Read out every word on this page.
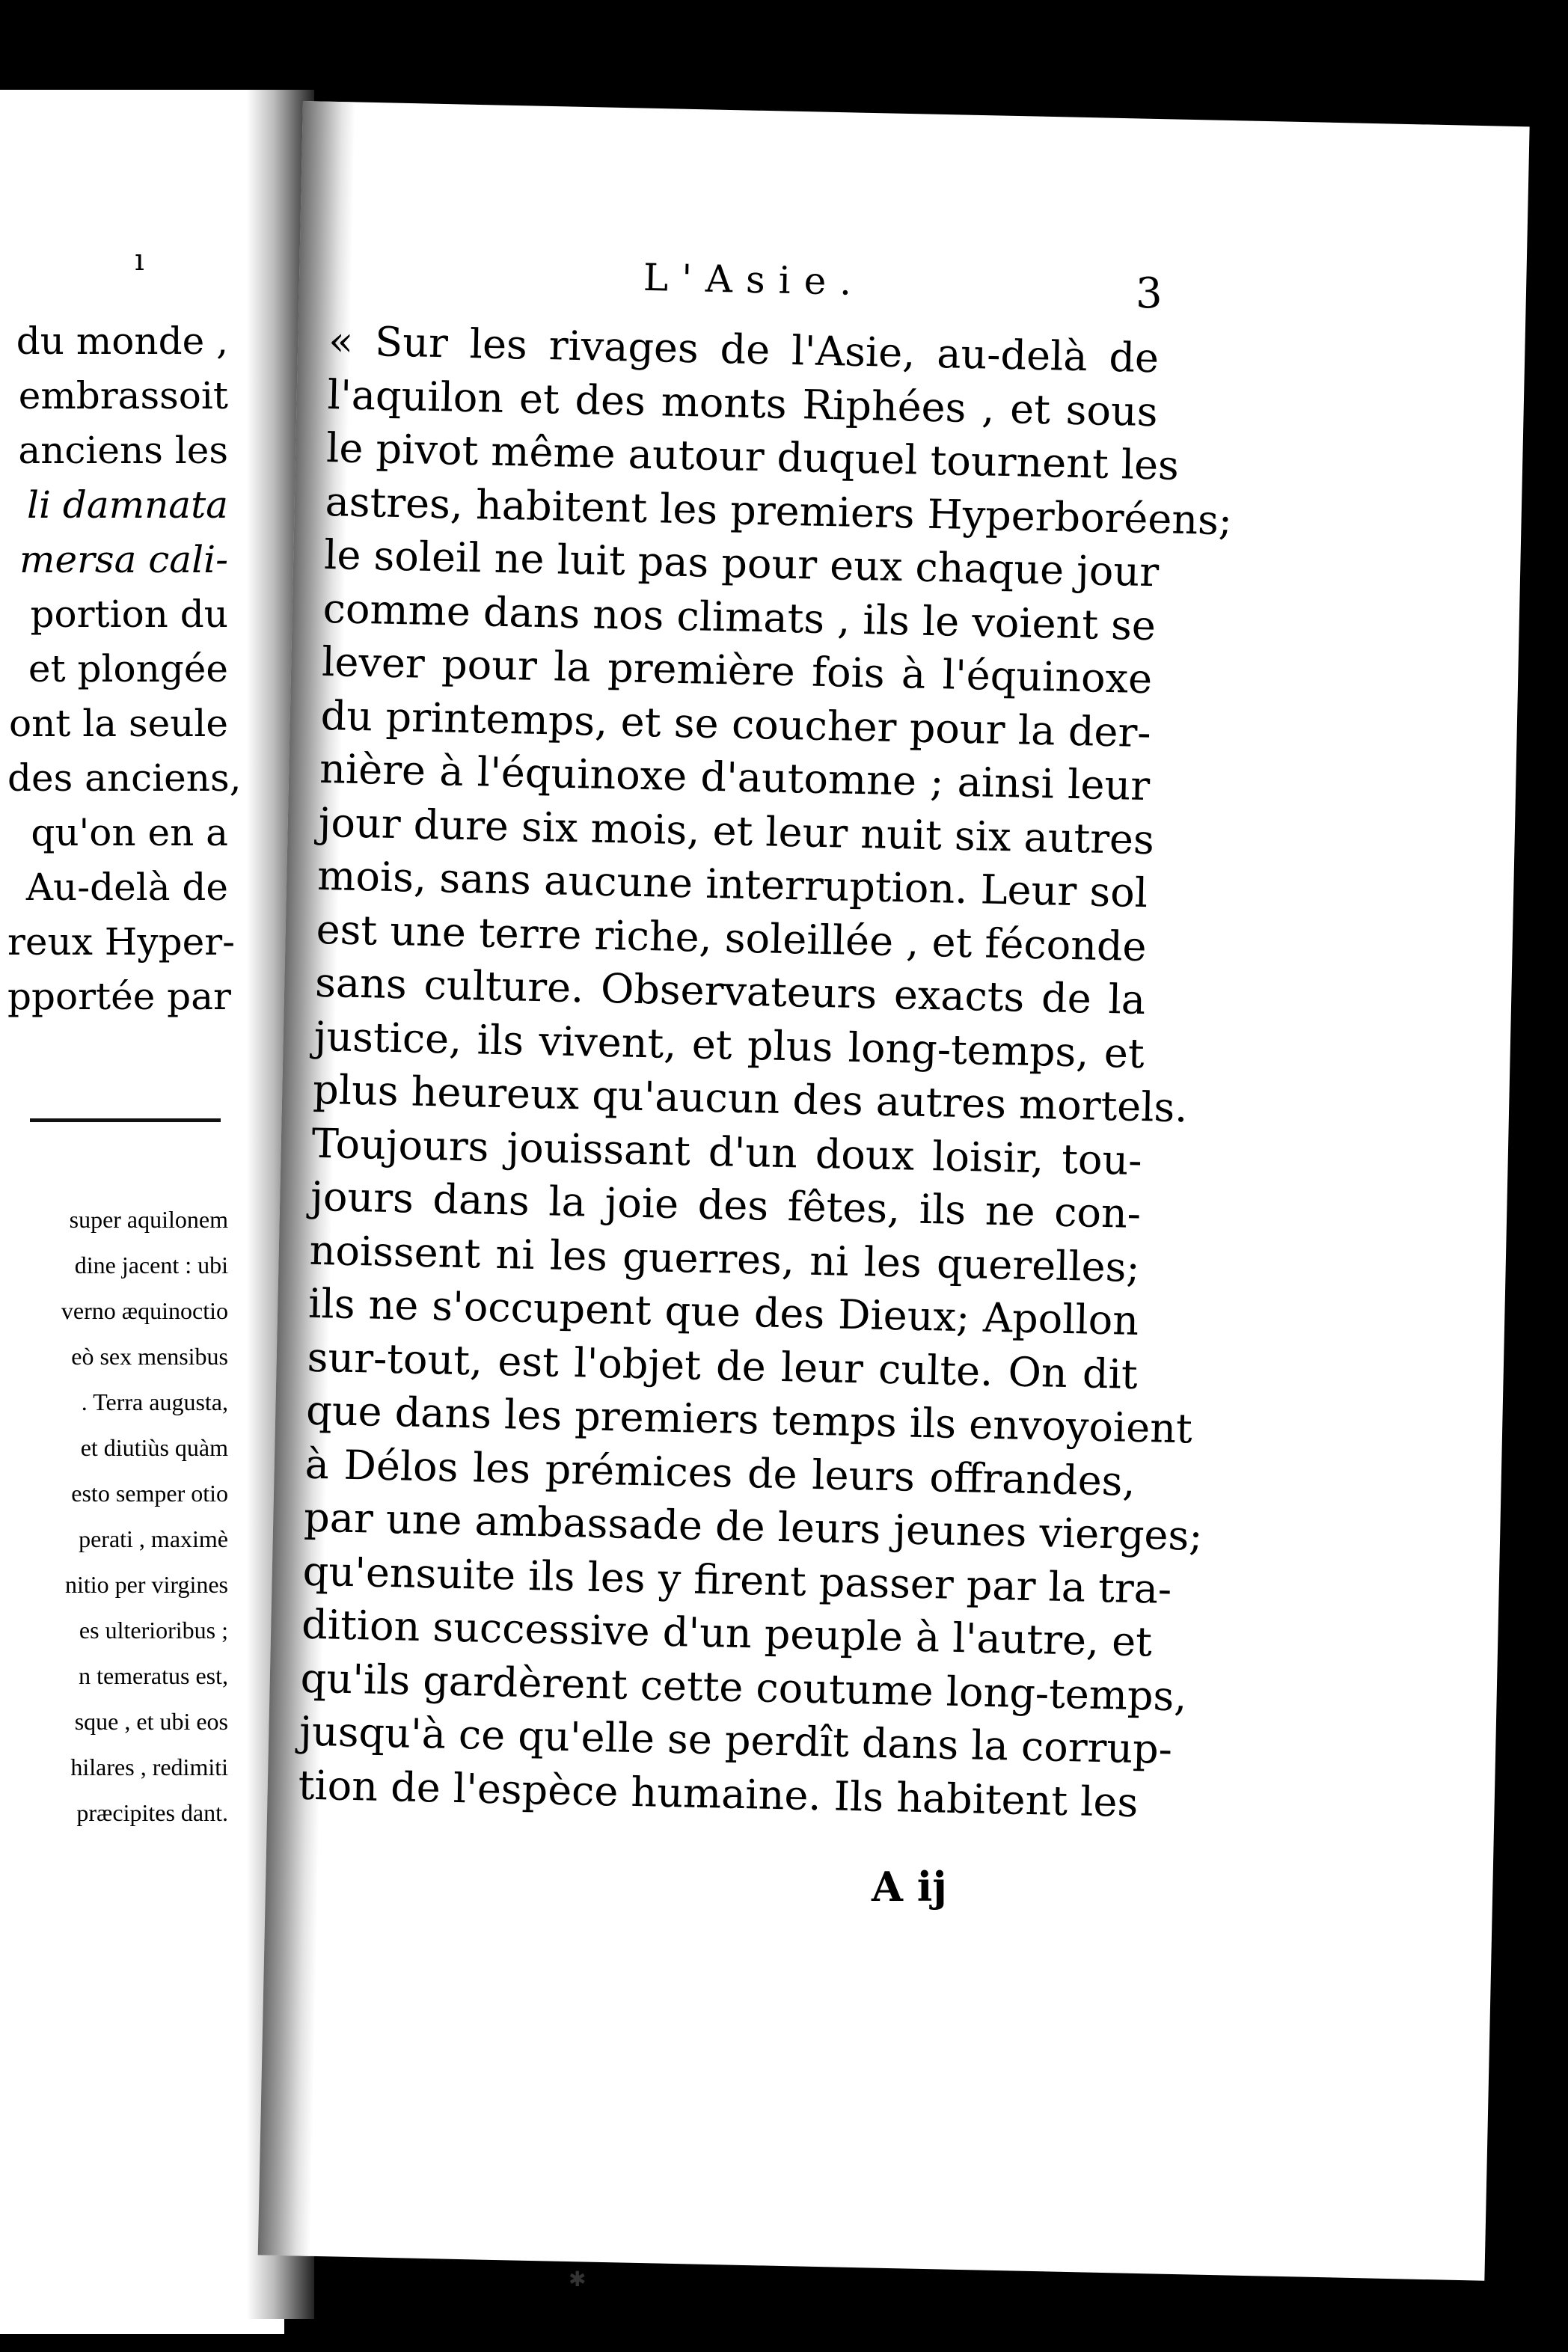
ı
du monde ,
embrassoit
anciens les
li damnata
mersa cali-
portion du
et plongée
ont la seule
des anciens,
qu'on en a
Au-delà de
reux Hyper-
pportée par
super aquilonem
dine jacent : ubi
verno æquinoctio
eò sex mensibus
. Terra augusta,
et diutiùs quàm
esto semper otio
perati , maximè
nitio per virgines
es ulterioribus ;
n temeratus est,
sque , et ubi eos
hilares , redimiti
præcipites dant.
L'Asie.	3
« Sur les rivages de l'Asie, au-delà de
l'aquilon et des monts Riphées , et sous
le pivot même autour duquel tournent les
astres, habitent les premiers Hyperboréens;
le soleil ne luit pas pour eux chaque jour
comme dans nos climats , ils le voient se
lever pour la première fois à l'équinoxe
du printemps, et se coucher pour la der-
nière à l'équinoxe d'automne ; ainsi leur
jour dure six mois, et leur nuit six autres
mois, sans aucune interruption. Leur sol
est une terre riche, soleillée , et féconde
sans culture. Observateurs exacts de la
justice, ils vivent, et plus long-temps, et
plus heureux qu'aucun des autres mortels.
Toujours jouissant d'un doux loisir, tou-
jours dans la joie des fêtes, ils ne con-
noissent ni les guerres, ni les querelles;
ils ne s'occupent que des Dieux; Apollon
sur-tout, est l'objet de leur culte. On dit
que dans les premiers temps ils envoyoient
à Délos les prémices de leurs offrandes,
par une ambassade de leurs jeunes vierges;
qu'ensuite ils les y firent passer par la tra-
dition successive d'un peuple à l'autre, et
qu'ils gardèrent cette coutume long-temps,
jusqu'à ce qu'elle se perdît dans la corrup-
tion de l'espèce humaine. Ils habitent les
A ij
✱
